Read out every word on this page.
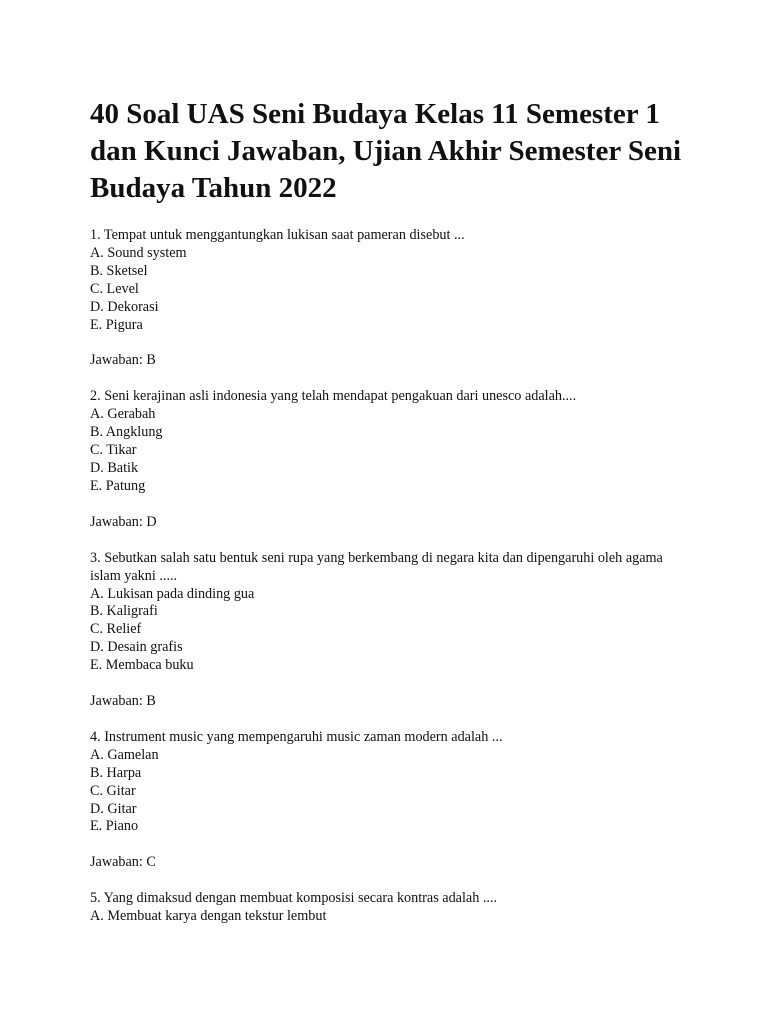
40 Soal UAS Seni Budaya Kelas 11 Semester 1 dan Kunci Jawaban, Ujian Akhir Semester Seni Budaya Tahun 2022
1. Tempat untuk menggantungkan lukisan saat pameran disebut ...
A. Sound system
B. Sketsel
C. Level
D. Dekorasi
E. Pigura
Jawaban: B
2. Seni kerajinan asli indonesia yang telah mendapat pengakuan dari unesco adalah....
A. Gerabah
B. Angklung
C. Tikar
D. Batik
E. Patung
Jawaban: D
3. Sebutkan salah satu bentuk seni rupa yang berkembang di negara kita dan dipengaruhi oleh agama islam yakni .....
A. Lukisan pada dinding gua
B. Kaligrafi
C. Relief
D. Desain grafis
E. Membaca buku
Jawaban: B
4. Instrument music yang mempengaruhi music zaman modern adalah ...
A. Gamelan
B. Harpa
C. Gitar
D. Gitar
E. Piano
Jawaban: C
5. Yang dimaksud dengan membuat komposisi secara kontras adalah ....
A. Membuat karya dengan tekstur lembut
